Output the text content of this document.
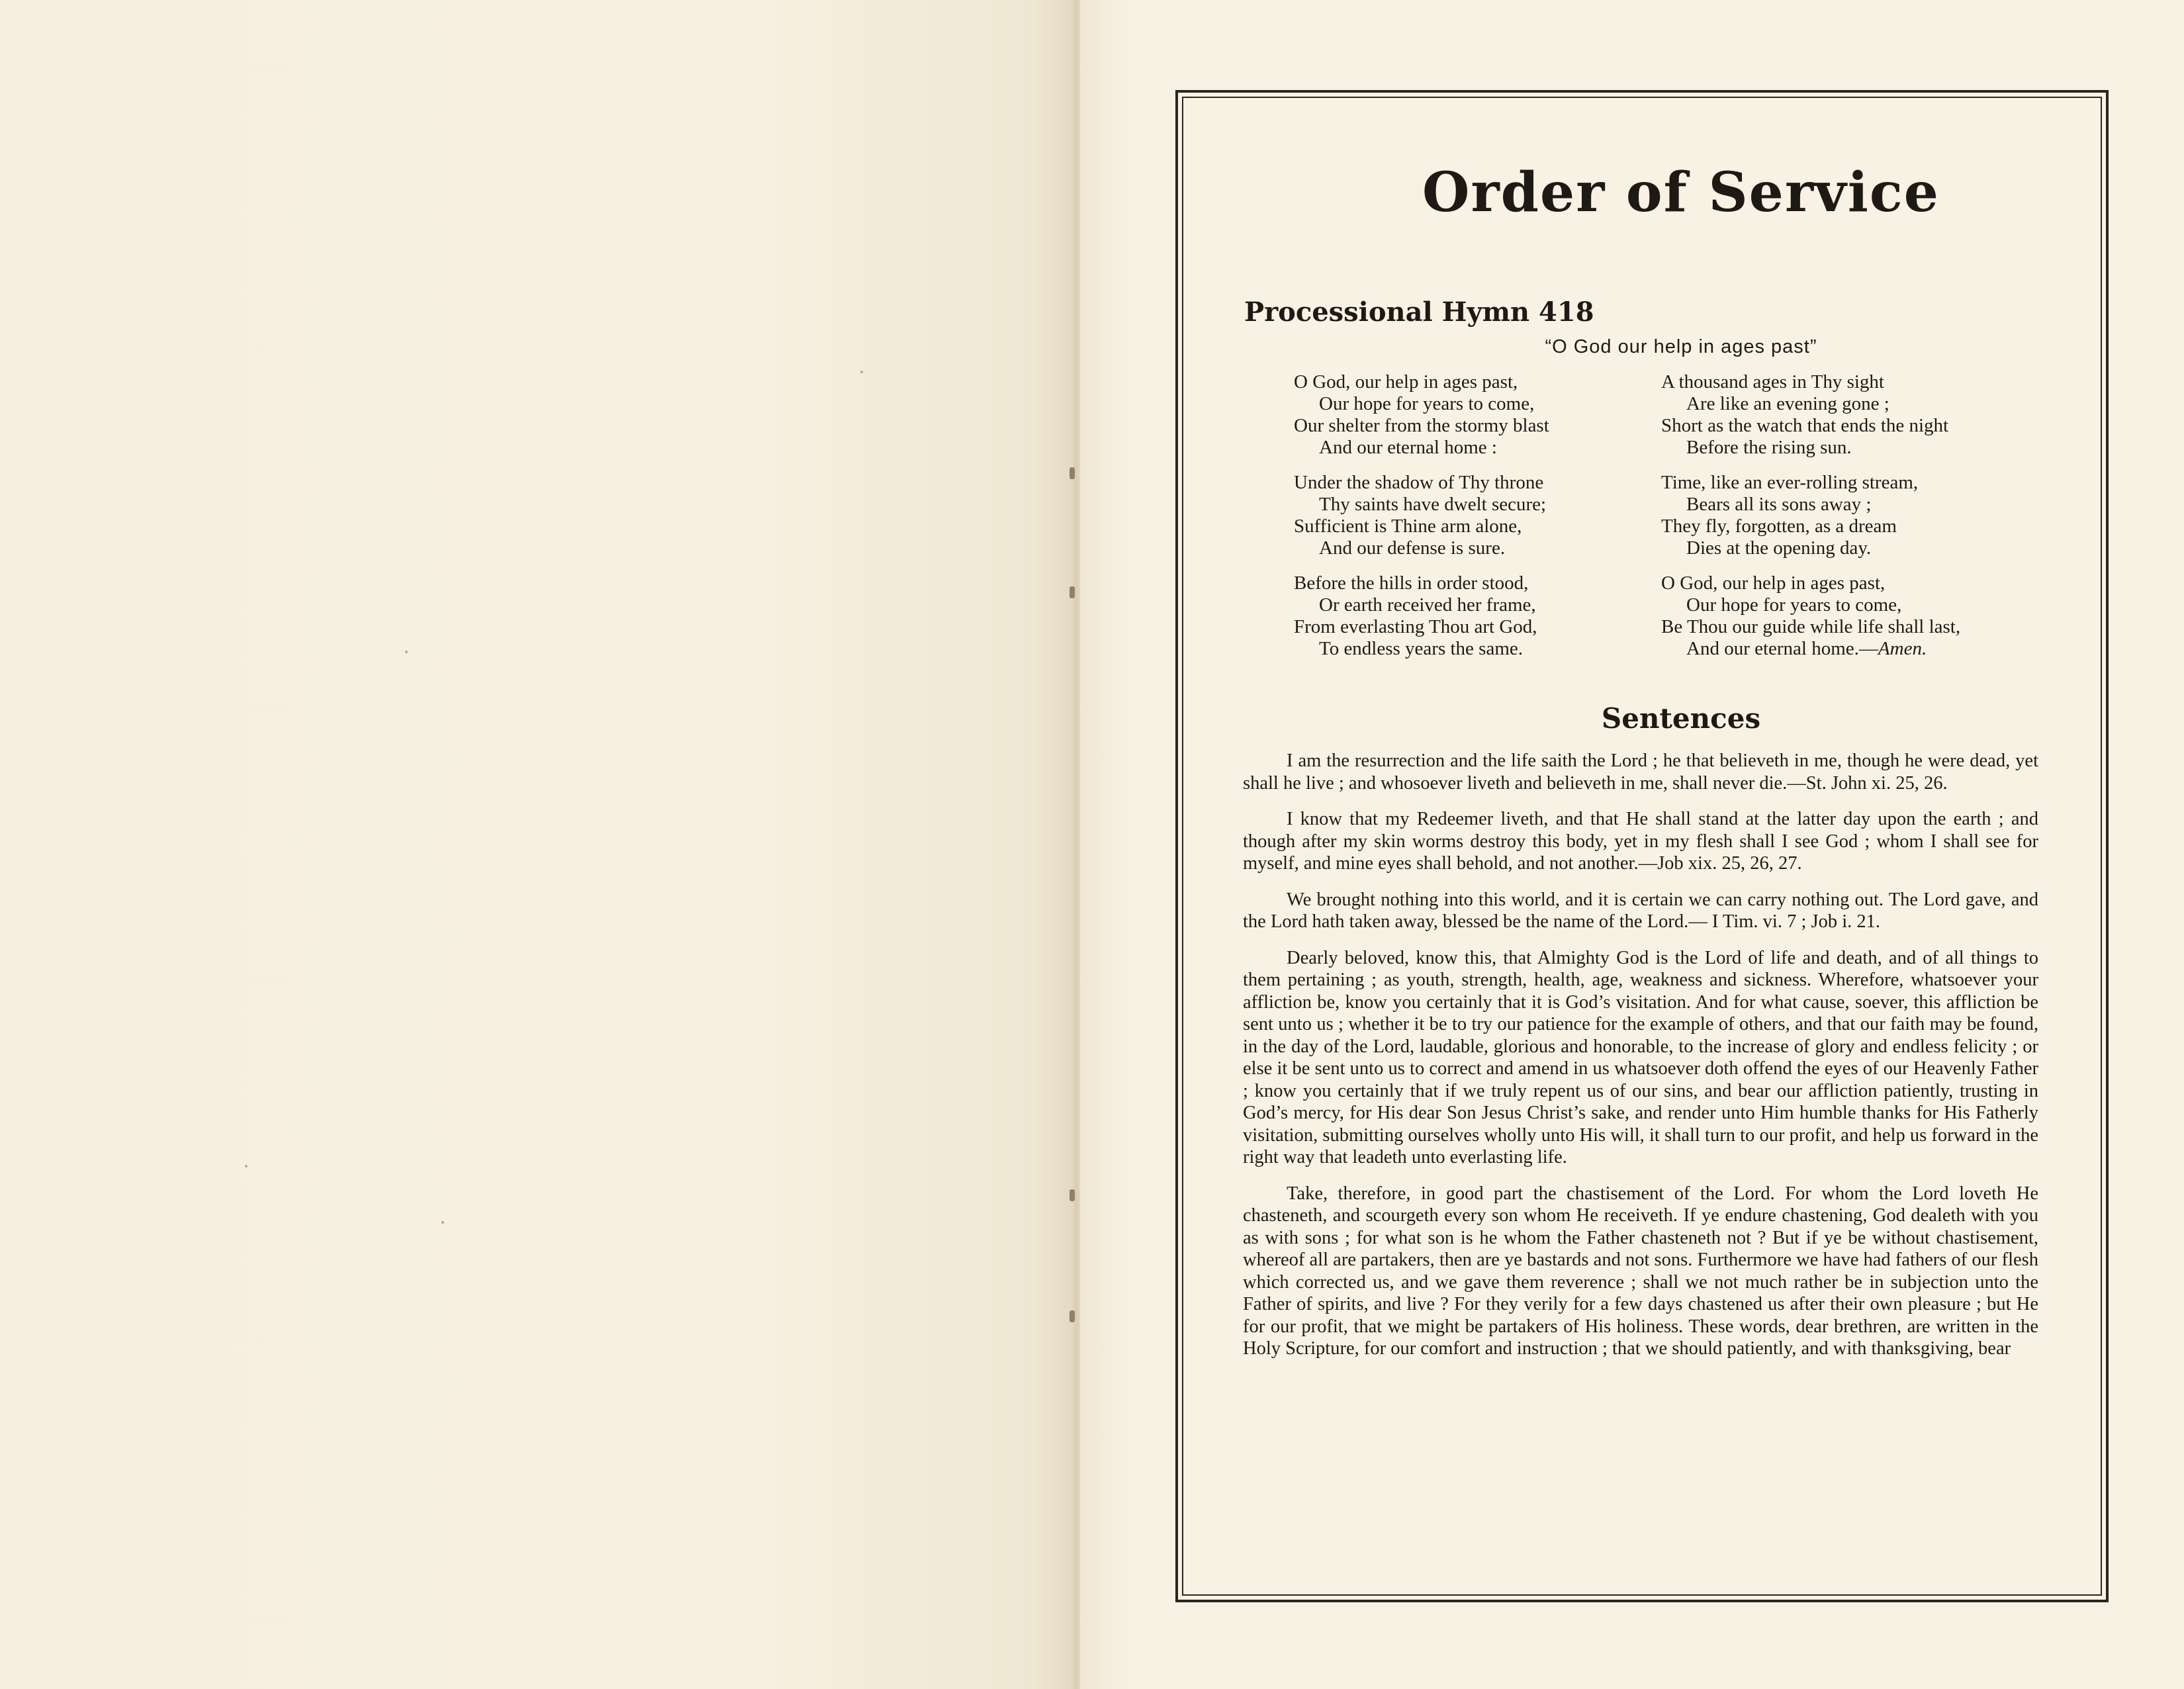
Order of Service
Processional Hymn 418
“O God our help in ages past”
O God, our help in ages past,
Our hope for years to come,
Our shelter from the stormy blast
And our eternal home :
A thousand ages in Thy sight
Are like an evening gone ;
Short as the watch that ends the night
Before the rising sun.
Under the shadow of Thy throne
Thy saints have dwelt secure;
Sufficient is Thine arm alone,
And our defense is sure.
Time, like an ever-rolling stream,
Bears all its sons away ;
They fly, forgotten, as a dream
Dies at the opening day.
Before the hills in order stood,
Or earth received her frame,
From everlasting Thou art God,
To endless years the same.
O God, our help in ages past,
Our hope for years to come,
Be Thou our guide while life shall last,
And our eternal home.—Amen.
Sentences

I am the resurrection and the life saith the Lord ; he that believeth in me, though he were dead, yet shall he live ; and whosoever liveth and believeth in me, shall never die.—St. John xi. 25, 26.

I know that my Redeemer liveth, and that He shall stand at the latter day upon the earth ; and though after my skin worms destroy this body, yet in my flesh shall I see God ; whom I shall see for myself, and mine eyes shall behold, and not another.—Job xix. 25, 26, 27.

We brought nothing into this world, and it is certain we can carry nothing out. The Lord gave, and the Lord hath taken away, blessed be the name of the Lord.— I Tim. vi. 7 ; Job i. 21.

Dearly beloved, know this, that Almighty God is the Lord of life and death, and of all things to them pertaining ; as youth, strength, health, age, weakness and sickness. Wherefore, whatsoever your affliction be, know you certainly that it is God’s visitation. And for what cause, soever, this affliction be sent unto us ; whether it be to try our patience for the example of others, and that our faith may be found, in the day of the Lord, laudable, glorious and honorable, to the increase of glory and endless felicity ; or else it be sent unto us to correct and amend in us whatsoever doth offend the eyes of our Heavenly Father ; know you certainly that if we truly repent us of our sins, and bear our affliction patiently, trusting in God’s mercy, for His dear Son Jesus Christ’s sake, and render unto Him humble thanks for His Fatherly visitation, submitting ourselves wholly unto His will, it shall turn to our profit, and help us forward in the right way that leadeth unto everlasting life.

Take, therefore, in good part the chastisement of the Lord. For whom the Lord loveth He chasteneth, and scourgeth every son whom He receiveth. If ye endure chastening, God dealeth with you as with sons ; for what son is he whom the Father chasteneth not ? But if ye be without chastisement, whereof all are partakers, then are ye bastards and not sons. Furthermore we have had fathers of our flesh which corrected us, and we gave them reverence ; shall we not much rather be in subjection unto the Father of spirits, and live ? For they verily for a few days chastened us after their own pleasure ; but He for our profit, that we might be partakers of His holiness. These words, dear brethren, are written in the Holy Scripture, for our comfort and instruction ; that we should patiently, and with thanksgiving, bear
